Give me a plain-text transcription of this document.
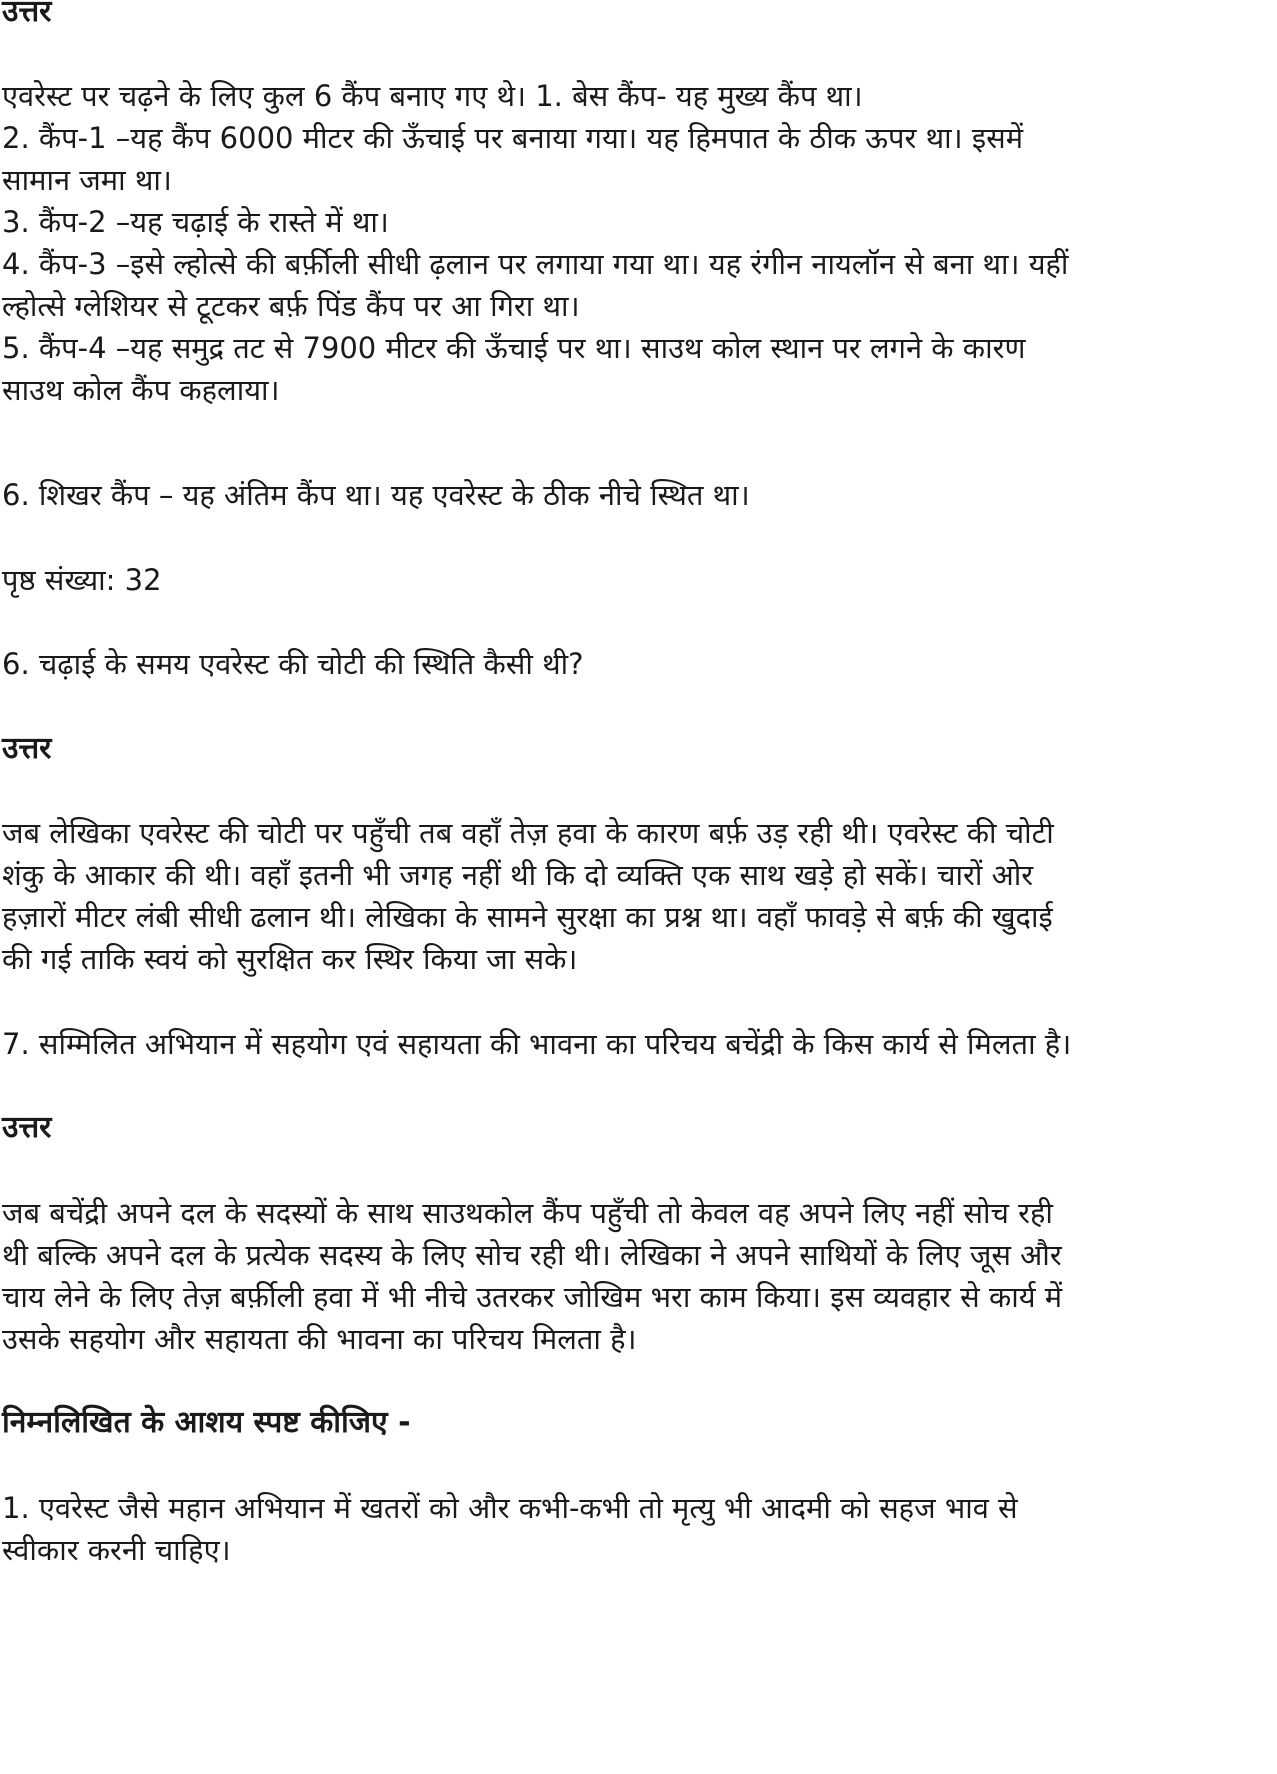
उत्तर
एवरेस्ट पर चढ़ने के लिए कुल 6 कैंप बनाए गए थे। 1. बेस कैंप- यह मुख्य कैंप था।
2. कैंप-1 –यह कैंप 6000 मीटर की ऊँचाई पर बनाया गया। यह हिमपात के ठीक ऊपर था। इसमें
सामान जमा था।
3. कैंप-2 –यह चढ़ाई के रास्ते में था।
4. कैंप-3 –इसे ल्होत्से की बर्फ़ीली सीधी ढ़लान पर लगाया गया था। यह रंगीन नायलॉन से बना था। यहीं
ल्होत्से ग्लेशियर से टूटकर बर्फ़ पिंड कैंप पर आ गिरा था।
5. कैंप-4 –यह समुद्र तट से 7900 मीटर की ऊँचाई पर था। साउथ कोल स्थान पर लगने के कारण
साउथ कोल कैंप कहलाया।
6. शिखर कैंप – यह अंतिम कैंप था। यह एवरेस्ट के ठीक नीचे स्थित था।
पृष्ठ संख्या: 32
6. चढ़ाई के समय एवरेस्ट की चोटी की स्थिति कैसी थी?
उत्तर
जब लेखिका एवरेस्ट की चोटी पर पहुँची तब वहाँ तेज़ हवा के कारण बर्फ़ उड़ रही थी। एवरेस्ट की चोटी
शंकु के आकार की थी। वहाँ इतनी भी जगह नहीं थी कि दो व्यक्ति एक साथ खड़े हो सकें। चारों ओर
हज़ारों मीटर लंबी सीधी ढलान थी। लेखिका के सामने सुरक्षा का प्रश्न था। वहाँ फावड़े से बर्फ़ की खुदाई
की गई ताकि स्वयं को सुरक्षित कर स्थिर किया जा सके।
7. सम्मिलित अभियान में सहयोग एवं सहायता की भावना का परिचय बचेंद्री के किस कार्य से मिलता है।
उत्तर
जब बचेंद्री अपने दल के सदस्यों के साथ साउथकोल कैंप पहुँची तो केवल वह अपने लिए नहीं सोच रही
थी बल्कि अपने दल के प्रत्येक सदस्य के लिए सोच रही थी। लेखिका ने अपने साथियों के लिए जूस और
चाय लेने के लिए तेज़ बर्फ़ीली हवा में भी नीचे उतरकर जोखिम भरा काम किया। इस व्यवहार से कार्य में
उसके सहयोग और सहायता की भावना का परिचय मिलता है।
निम्नलिखित के आशय स्पष्ट कीजिए -
1. एवरेस्ट जैसे महान अभियान में खतरों को और कभी-कभी तो मृत्यु भी आदमी को सहज भाव से
स्वीकार करनी चाहिए।
